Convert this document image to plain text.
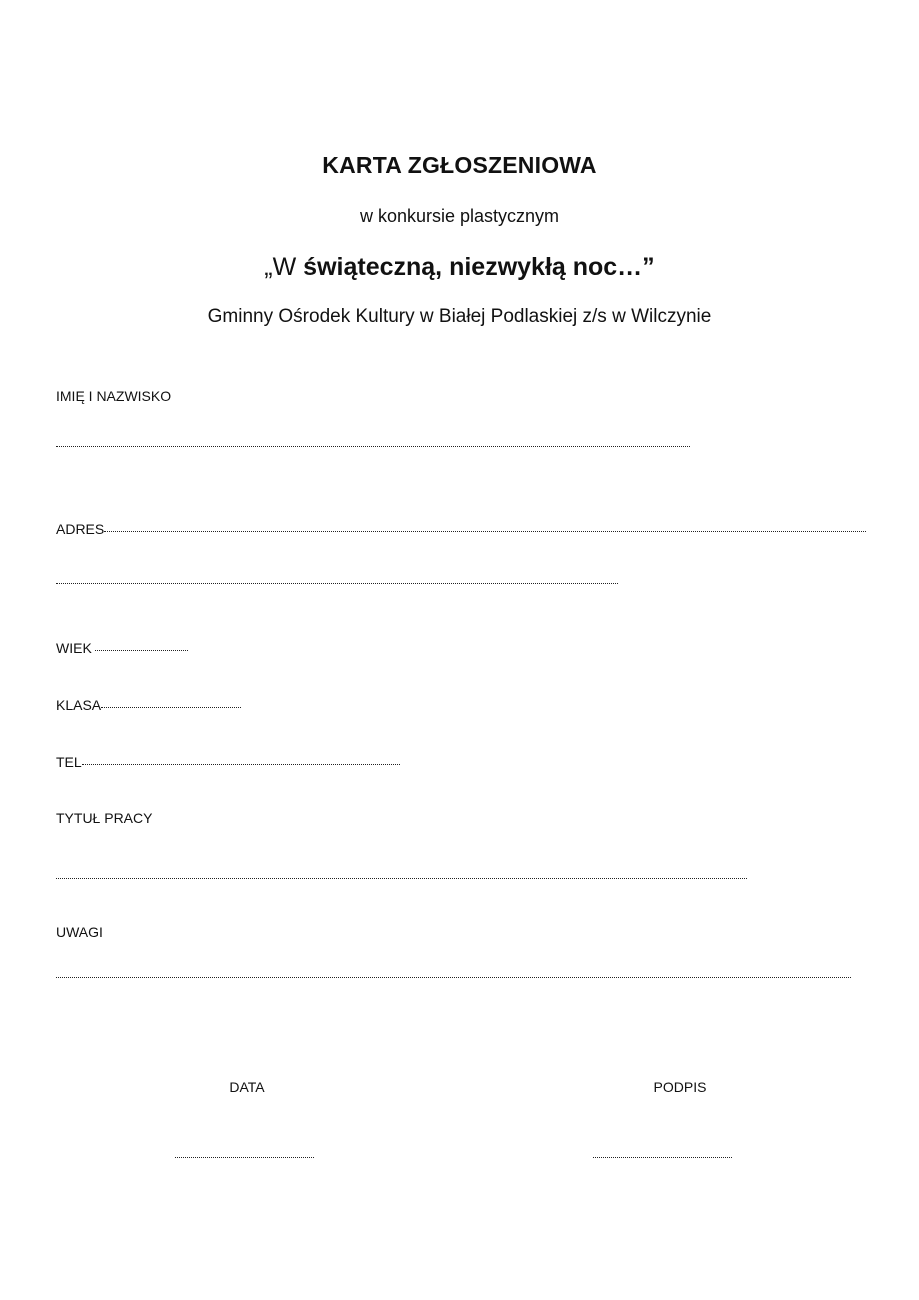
KARTA ZGŁOSZENIOWA
w konkursie plastycznym
„W świąteczną, niezwykłą noc…”
Gminny Ośrodek Kultury w Białej Podlaskiej z/s w Wilczynie
IMIĘ I NAZWISKO
ADRES
WIEK
KLASA
TEL
TYTUŁ PRACY
UWAGI
DATA	PODPIS
